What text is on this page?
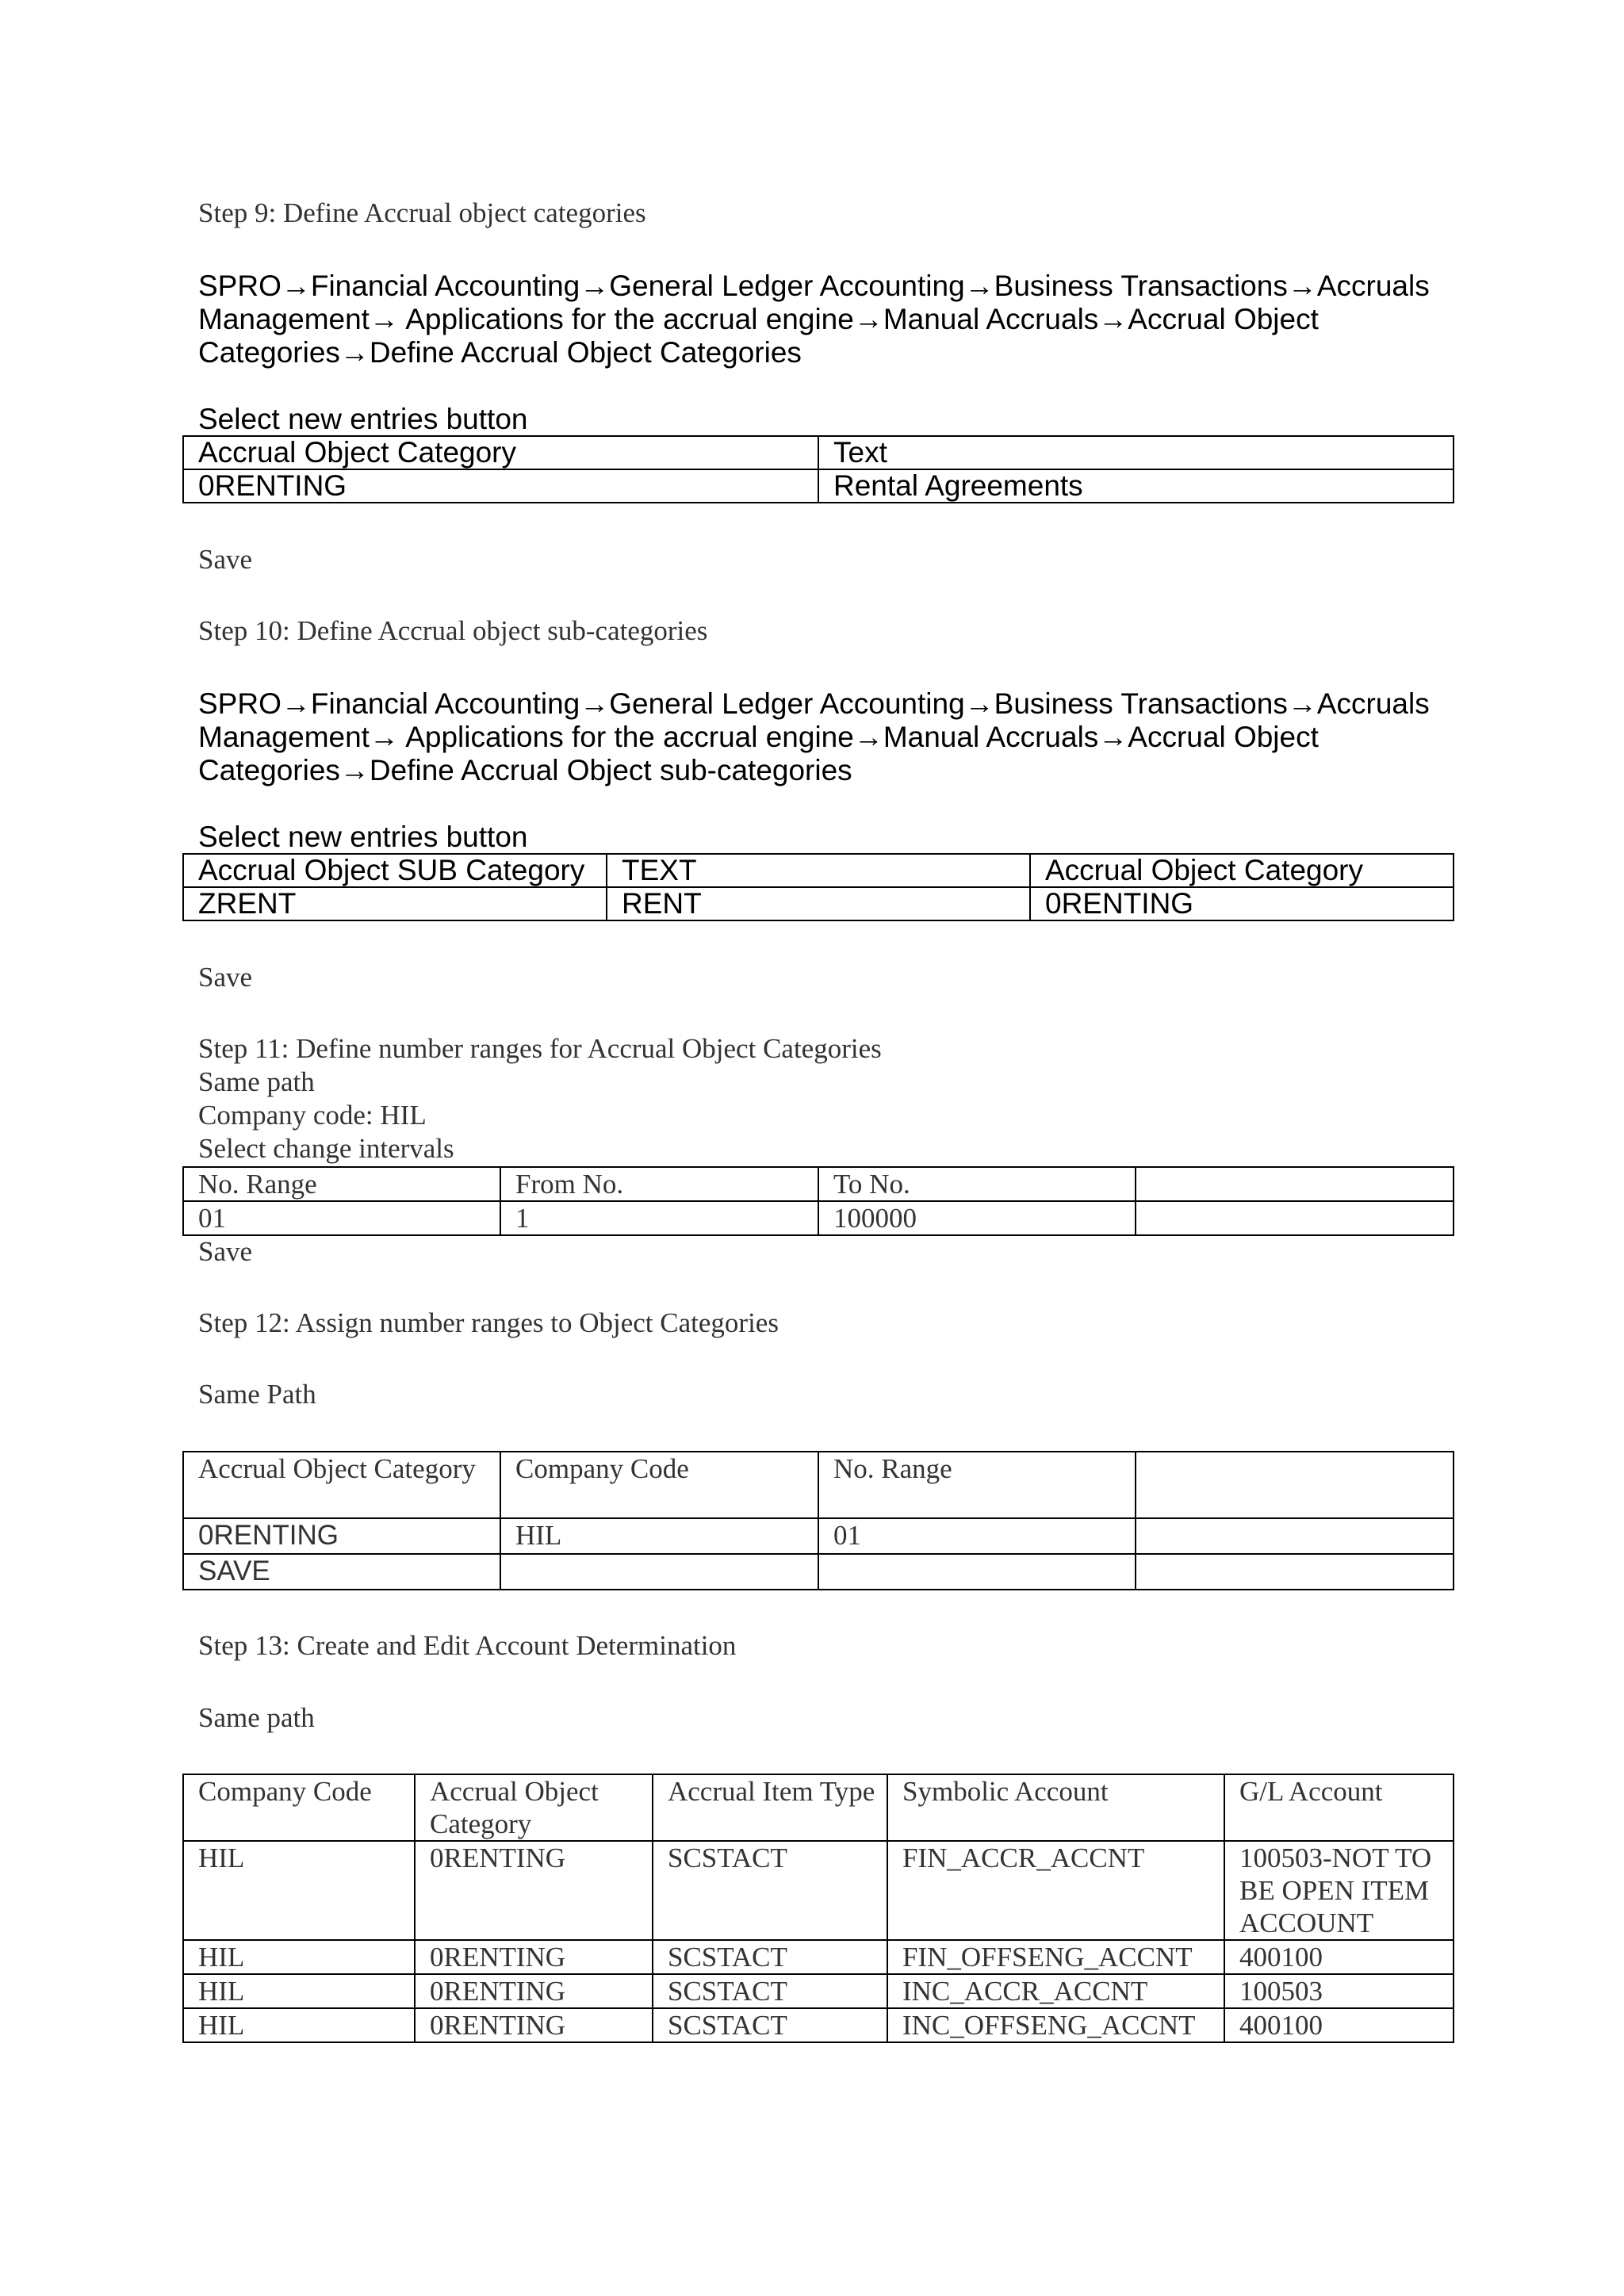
Step 9: Define Accrual object categories
SPRO→Financial Accounting→General Ledger Accounting→Business Transactions→Accruals
Management→ Applications for the accrual engine→Manual Accruals→Accrual Object
Categories→Define Accrual Object Categories
Select new entries button
Accrual Object Category	Text
0RENTING	Rental Agreements
Save
Step 10: Define Accrual object sub-categories
SPRO→Financial Accounting→General Ledger Accounting→Business Transactions→Accruals
Management→ Applications for the accrual engine→Manual Accruals→Accrual Object
Categories→Define Accrual Object sub-categories
Select new entries button
Accrual Object SUB Category	TEXT	Accrual Object Category
ZRENT	RENT	0RENTING
Save
Step 11: Define number ranges for Accrual Object Categories
Same path
Company code: HIL
Select change intervals
No. Range	From No.	To No.	
01	1	100000	
Save
Step 12: Assign number ranges to Object Categories
Same Path
Accrual Object Category	Company Code	No. Range	
0RENTING	HIL	01	
SAVE			
Step 13: Create and Edit Account Determination
Same path
Company Code	Accrual Object Category	Accrual Item Type	Symbolic Account	G/L Account
HIL	0RENTING	SCSTACT	FIN_ACCR_ACCNT	100503-NOT TO BE OPEN ITEM ACCOUNT
HIL	0RENTING	SCSTACT	FIN_OFFSENG_ACCNT	400100
HIL	0RENTING	SCSTACT	INC_ACCR_ACCNT	100503
HIL	0RENTING	SCSTACT	INC_OFFSENG_ACCNT	400100
